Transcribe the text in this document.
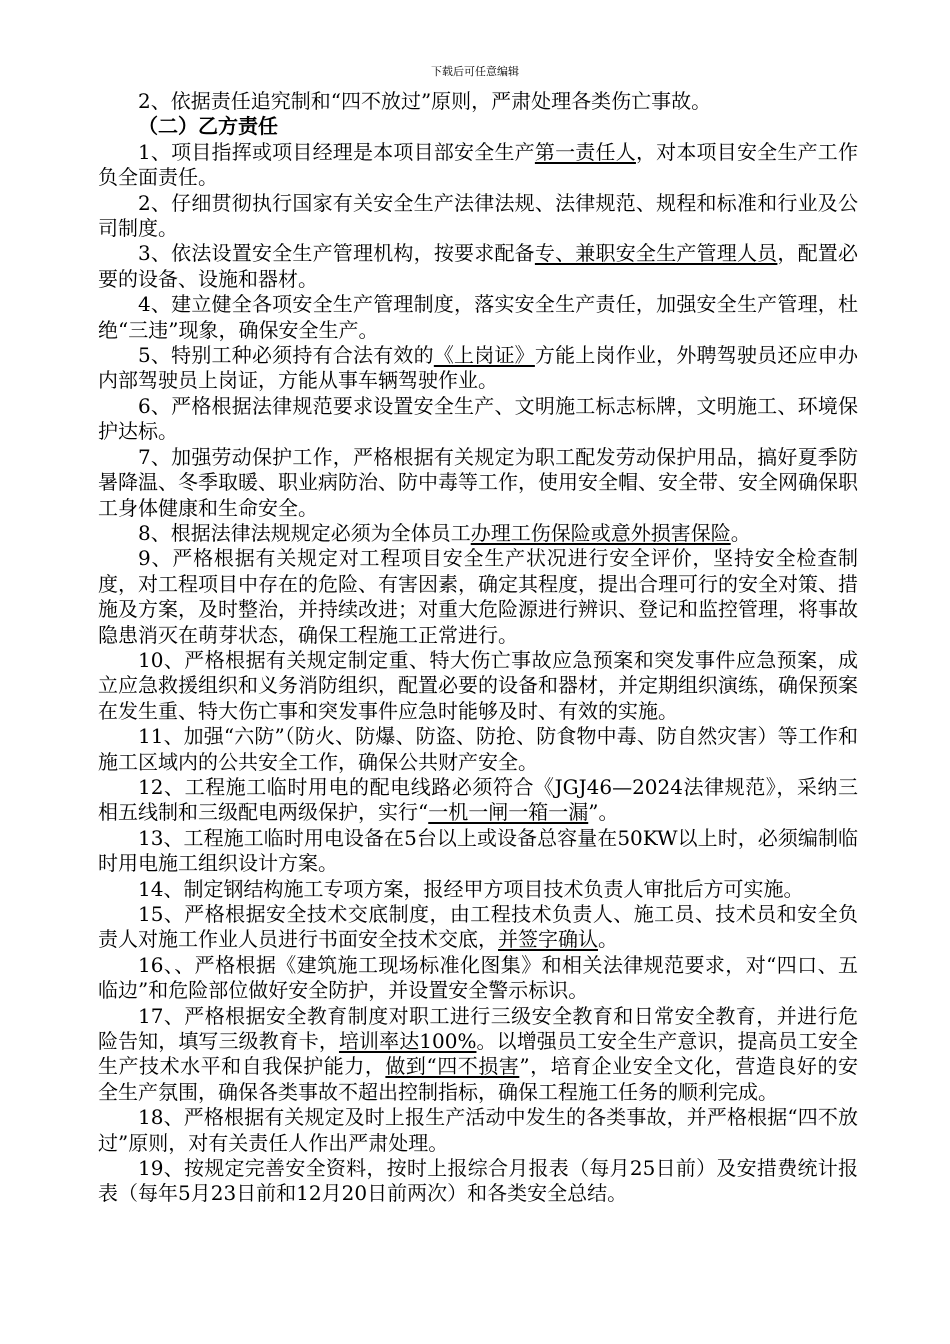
下载后可任意编辑

2、依据责任追究制和“四不放过”原则，严肃处理各类伤亡事故。

（二）乙方责任

1、项目指挥或项目经理是本项目部安全生产第一责任人，对本项目安全生产工作负全面责任。

2、仔细贯彻执行国家有关安全生产法律法规、法律规范、规程和标准和行业及公司制度。

3、依法设置安全生产管理机构，按要求配备专、兼职安全生产管理人员，配置必要的设备、设施和器材。

4、建立健全各项安全生产管理制度，落实安全生产责任，加强安全生产管理，杜绝“三违”现象，确保安全生产。

5、特别工种必须持有合法有效的《上岗证》方能上岗作业，外聘驾驶员还应申办内部驾驶员上岗证，方能从事车辆驾驶作业。

6、严格根据法律规范要求设置安全生产、文明施工标志标牌，文明施工、环境保护达标。

7、加强劳动保护工作，严格根据有关规定为职工配发劳动保护用品，搞好夏季防暑降温、冬季取暖、职业病防治、防中毒等工作，使用安全帽、安全带、安全网确保职工身体健康和生命安全。

8、根据法律法规规定必须为全体员工办理工伤保险或意外损害保险。

9、严格根据有关规定对工程项目安全生产状况进行安全评价，坚持安全检查制度，对工程项目中存在的危险、有害因素，确定其程度，提出合理可行的安全对策、措施及方案，及时整治，并持续改进；对重大危险源进行辨识、登记和监控管理，将事故隐患消灭在萌芽状态，确保工程施工正常进行。

10、严格根据有关规定制定重、特大伤亡事故应急预案和突发事件应急预案，成立应急救援组织和义务消防组织，配置必要的设备和器材，并定期组织演练，确保预案在发生重、特大伤亡事和突发事件应急时能够及时、有效的实施。

11、加强“六防”（防火、防爆、防盗、防抢、防食物中毒、防自然灾害）等工作和施工区域内的公共安全工作，确保公共财产安全。

12、工程施工临时用电的配电线路必须符合《JGJ46—2024法律规范》，采纳三相五线制和三级配电两级保护，实行“一机一闸一箱一漏”。

13、工程施工临时用电设备在5台以上或设备总容量在50KW以上时，必须编制临时用电施工组织设计方案。

14、制定钢结构施工专项方案，报经甲方项目技术负责人审批后方可实施。

15、严格根据安全技术交底制度，由工程技术负责人、施工员、技术员和安全负责人对施工作业人员进行书面安全技术交底，并签字确认。

16、、严格根据《建筑施工现场标准化图集》和相关法律规范要求，对“四口、五临边”和危险部位做好安全防护，并设置安全警示标识。

17、严格根据安全教育制度对职工进行三级安全教育和日常安全教育，并进行危险告知，填写三级教育卡，培训率达100%。以增强员工安全生产意识，提高员工安全生产技术水平和自我保护能力，做到“四不损害”，培育企业安全文化，营造良好的安全生产氛围，确保各类事故不超出控制指标，确保工程施工任务的顺利完成。

18、严格根据有关规定及时上报生产活动中发生的各类事故，并严格根据“四不放过”原则，对有关责任人作出严肃处理。

19、按规定完善安全资料，按时上报综合月报表（每月25日前）及安措费统计报表（每年5月23日前和12月20日前两次）和各类安全总结。
